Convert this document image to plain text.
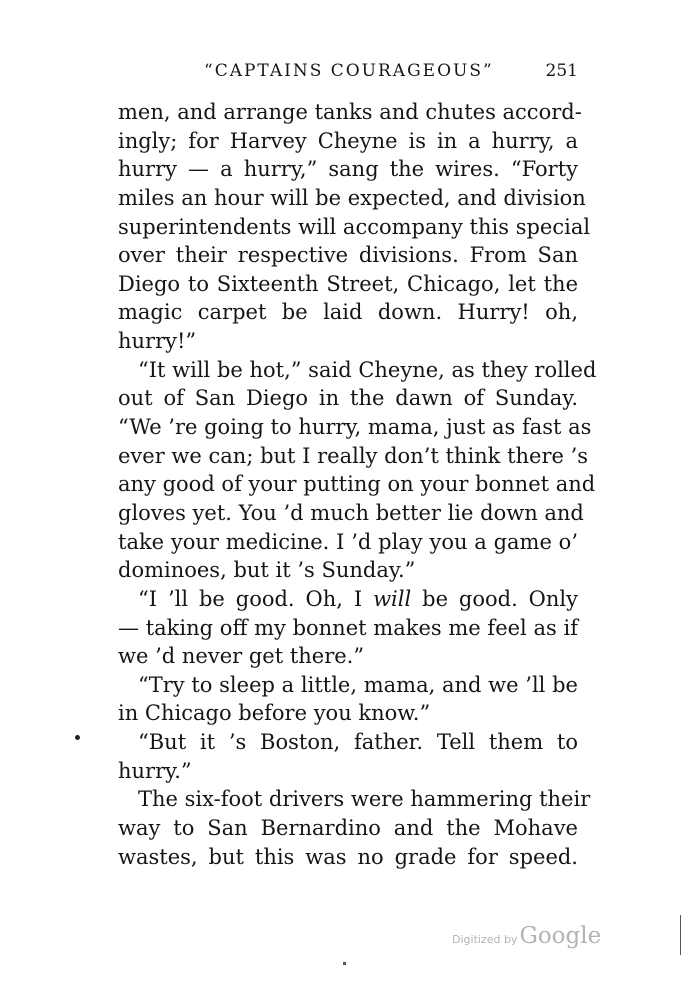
“CAPTAINS COURAGEOUS”	251
men, and arrange tanks and chutes accord-
ingly; for Harvey Cheyne is in a hurry, a
hurry — a hurry,” sang the wires. “Forty
miles an hour will be expected, and division
superintendents will accompany this special
over their respective divisions. From San
Diego to Sixteenth Street, Chicago, let the
magic carpet be laid down. Hurry! oh,
hurry!”
“It will be hot,” said Cheyne, as they rolled
out of San Diego in the dawn of Sunday.
“We ’re going to hurry, mama, just as fast as
ever we can; but I really don’t think there ’s
any good of your putting on your bonnet and
gloves yet. You ’d much better lie down and
take your medicine. I ’d play you a game o’
dominoes, but it ’s Sunday.”
“I ’ll be good. Oh, I will be good. Only
— taking off my bonnet makes me feel as if
we ’d never get there.”
“Try to sleep a little, mama, and we ’ll be
in Chicago before you know.”
“But it ’s Boston, father. Tell them to
hurry.”
The six-foot drivers were hammering their
way to San Bernardino and the Mohave
wastes, but this was no grade for speed.
Digitized byGoogle
